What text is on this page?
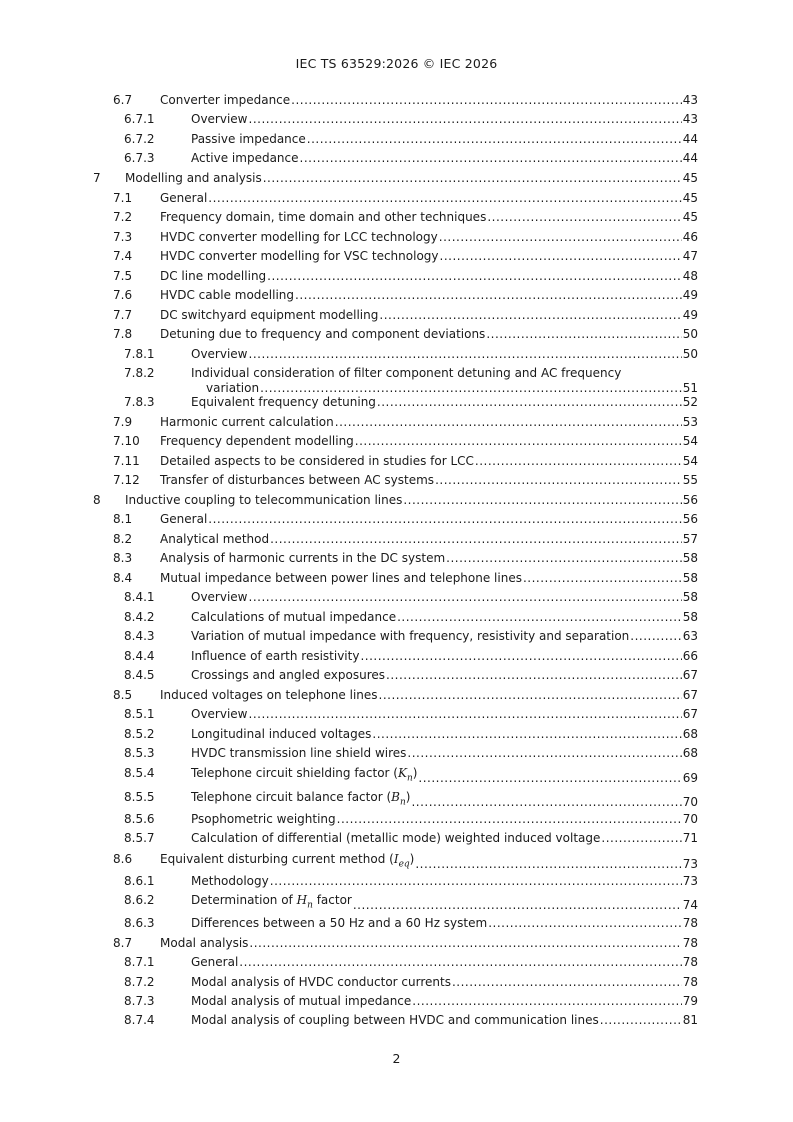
IEC TS 63529:2026 © IEC 2026
6.7 Converter impedance .....	43
6.7.1	Overview .....	43
6.7.2	Passive impedance .....	44
6.7.3	Active impedance .....	44
7 Modelling and analysis .....	45
7.1 General .....	45
7.2 Frequency domain, time domain and other techniques .....	45
7.3 HVDC converter modelling for LCC technology .....	46
7.4 HVDC converter modelling for VSC technology .....	47
7.5 DC line modelling .....	48
7.6 HVDC cable modelling .....	49
7.7 DC switchyard equipment modelling .....	49
7.8 Detuning due to frequency and component deviations .....	50
7.8.1	Overview .....	50
7.8.2	Individual consideration of filter component detuning and AC frequency
variation .....	51
7.8.3	Equivalent frequency detuning .....	52
7.9 Harmonic current calculation .....	53
7.10 Frequency dependent modelling .....	54
7.11 Detailed aspects to be considered in studies for LCC .....	54
7.12 Transfer of disturbances between AC systems .....	55
8 Inductive coupling to telecommunication lines .....	56
8.1 General .....	56
8.2 Analytical method .....	57
8.3 Analysis of harmonic currents in the DC system .....	58
8.4 Mutual impedance between power lines and telephone lines .....	58
8.4.1	Overview .....	58
8.4.2	Calculations of mutual impedance .....	58
8.4.3	Variation of mutual impedance with frequency, resistivity and separation .....	63
8.4.4	Influence of earth resistivity .....	66
8.4.5	Crossings and angled exposures .....	67
8.5 Induced voltages on telephone lines .....	67
8.5.1	Overview .....	67
8.5.2	Longitudinal induced voltages .....	68
8.5.3	HVDC transmission line shield wires .....	68
8.5.4	Telephone circuit shielding factor $(K_n)$ .....	69
8.5.5	Telephone circuit balance factor $(B_n)$ .....	70
8.5.6	Psophometric weighting .....	70
8.5.7	Calculation of differential (metallic mode) weighted induced voltage .....	71
8.6 Equivalent disturbing current method $(I_{eq})$ .....	73
8.6.1	Methodology .....	73
8.6.2	Determination of $H_n$ factor .....	74
8.6.3	Differences between a 50 Hz and a 60 Hz system .....	78
8.7 Modal analysis .....	78
8.7.1	General .....	78
8.7.2	Modal analysis of HVDC conductor currents .....	78
8.7.3	Modal analysis of mutual impedance .....	79
8.7.4	Modal analysis of coupling between HVDC and communication lines .....	81
2
